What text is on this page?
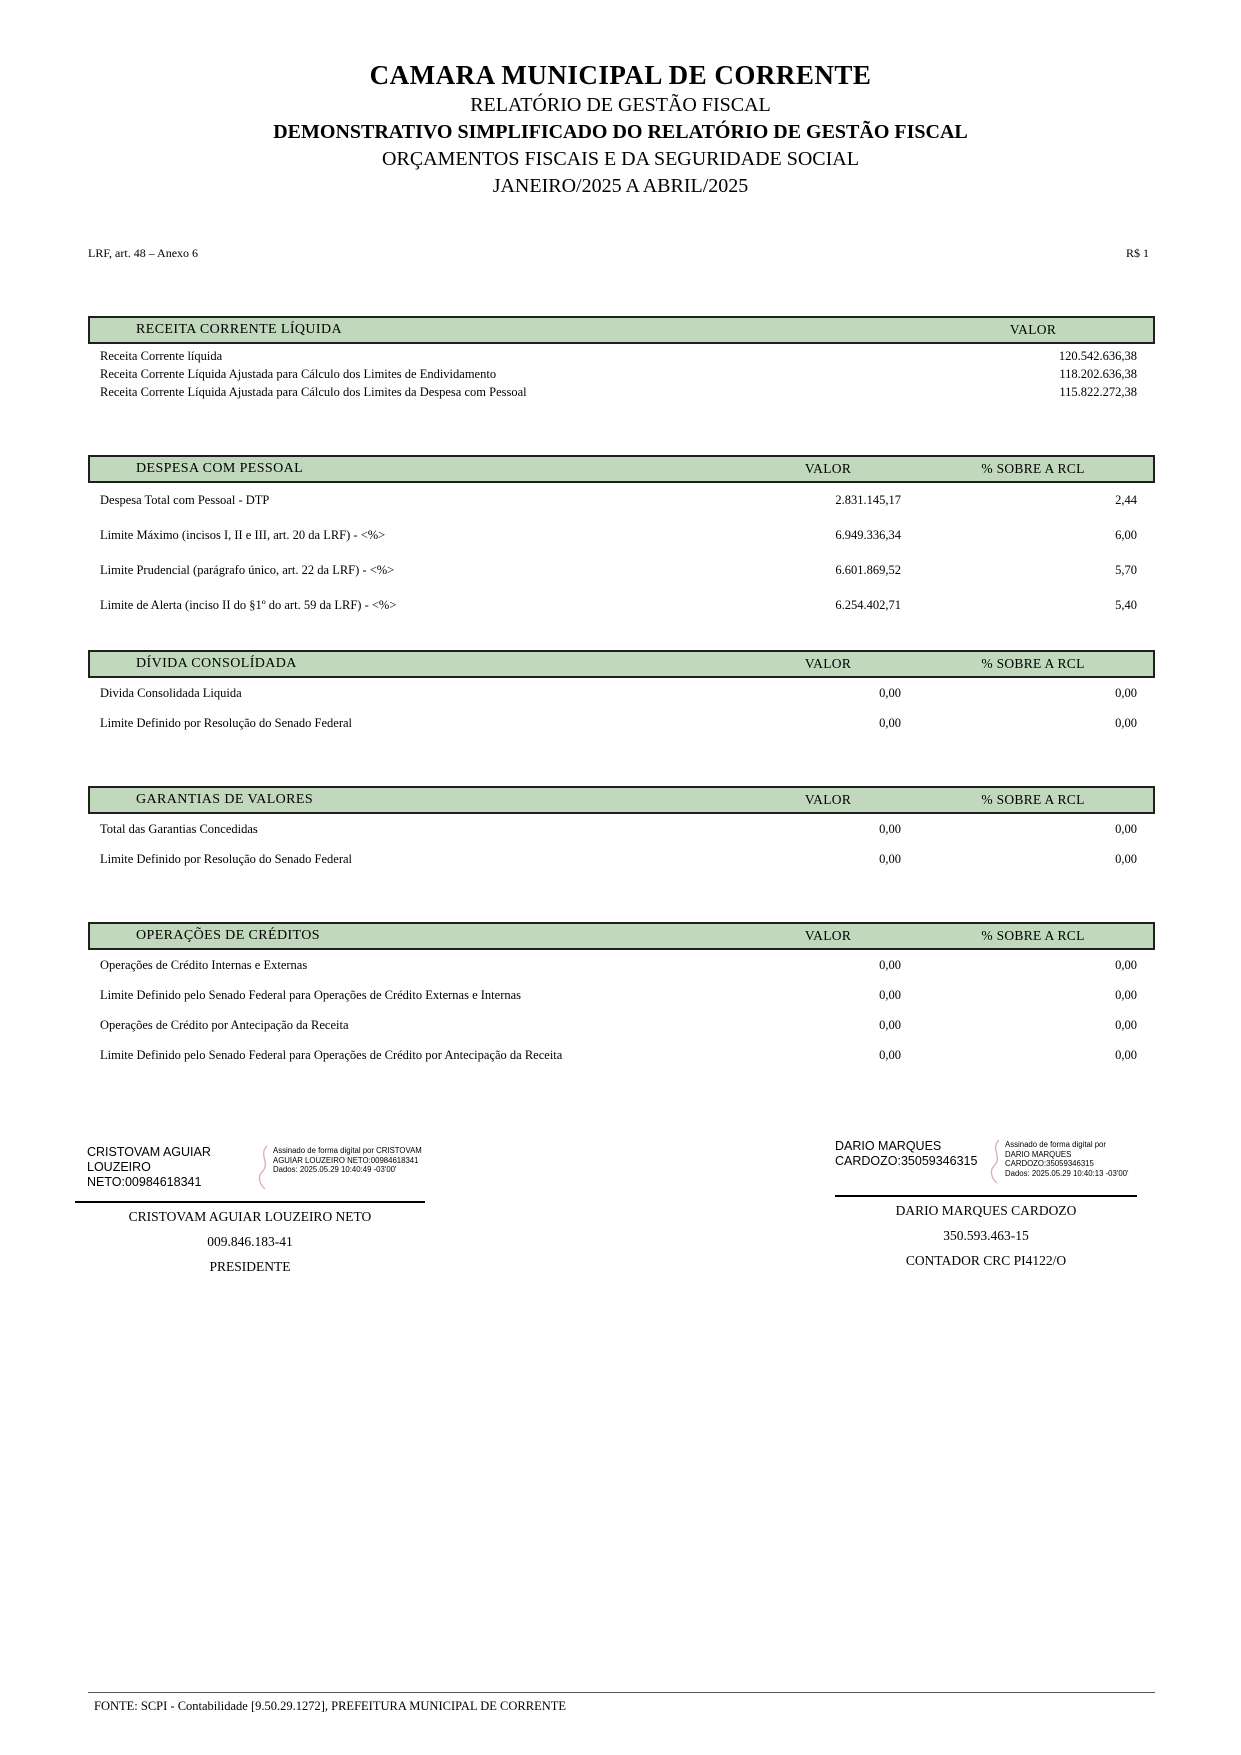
CAMARA MUNICIPAL DE CORRENTE
RELATÓRIO DE GESTÃO FISCAL
DEMONSTRATIVO SIMPLIFICADO DO RELATÓRIO DE GESTÃO FISCAL
ORÇAMENTOS FISCAIS E DA SEGURIDADE SOCIAL
JANEIRO/2025 A ABRIL/2025
LRF, art. 48 – Anexo 6	R$ 1
RECEITA CORRENTE LÍQUIDA	VALOR
Receita Corrente líquida	120.542.636,38
Receita Corrente Líquida Ajustada para Cálculo dos Limites de Endividamento	118.202.636,38
Receita Corrente Líquida Ajustada para Cálculo dos Limites da Despesa com Pessoal	115.822.272,38
DESPESA COM PESSOAL	VALOR	% SOBRE A RCL
Despesa Total com Pessoal - DTP	2.831.145,17	2,44
Limite Máximo (incisos I, II e III, art. 20 da LRF) - <%>	6.949.336,34	6,00
Limite Prudencial (parágrafo único, art. 22 da LRF) - <%>	6.601.869,52	5,70
Limite de Alerta (inciso II do §1º do art. 59 da LRF) - <%>	6.254.402,71	5,40
DÍVIDA CONSOLÍDADA	VALOR	% SOBRE A RCL
Divida Consolidada Liquida	0,00	0,00
Limite Definido por Resolução do Senado Federal	0,00	0,00
GARANTIAS DE VALORES	VALOR	% SOBRE A RCL
Total das Garantias Concedidas	0,00	0,00
Limite Definido por Resolução do Senado Federal	0,00	0,00
OPERAÇÕES DE CRÉDITOS	VALOR	% SOBRE A RCL
Operações de Crédito Internas e Externas	0,00	0,00
Limite Definido pelo Senado Federal para Operações de Crédito Externas e Internas	0,00	0,00
Operações de Crédito por Antecipação da Receita	0,00	0,00
Limite Definido pelo Senado Federal para Operações de Crédito por Antecipação da Receita	0,00	0,00
CRISTOVAM AGUIAR LOUZEIRO NETO:00984618341
Assinado de forma digital por CRISTOVAM
AGUIAR LOUZEIRO NETO:00984618341
Dados: 2025.05.29 10:40:49 -03'00'
CRISTOVAM AGUIAR LOUZEIRO NETO
009.846.183-41
PRESIDENTE
DARIO MARQUES CARDOZO:35059346315
Assinado de forma digital por
DARIO MARQUES
CARDOZO:35059346315
Dados: 2025.05.29 10:40:13 -03'00'
DARIO MARQUES CARDOZO
350.593.463-15
CONTADOR CRC PI4122/O
FONTE: SCPI - Contabilidade [9.50.29.1272], PREFEITURA MUNICIPAL DE CORRENTE
